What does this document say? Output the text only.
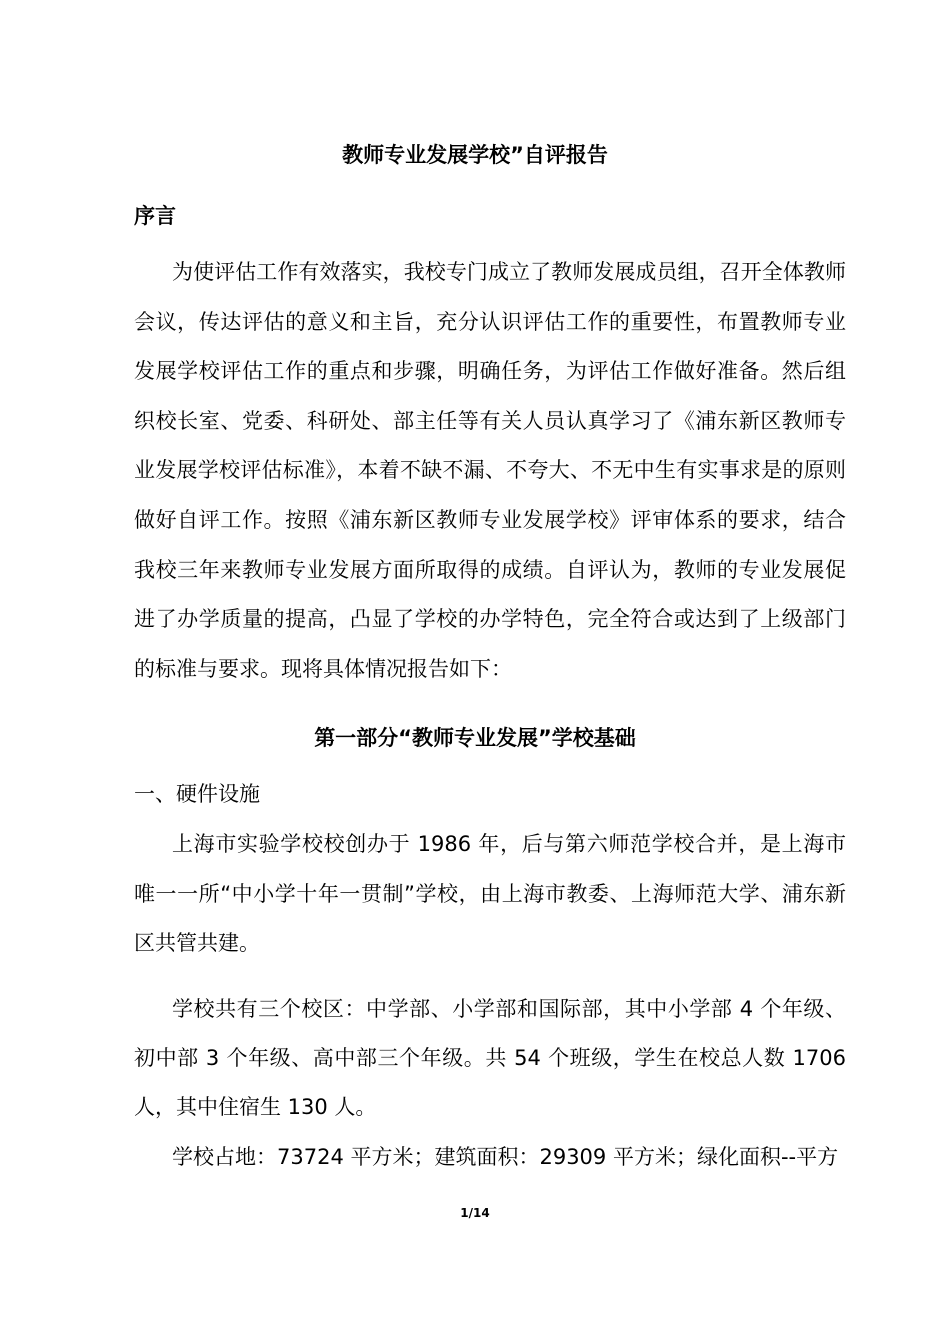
教师专业发展学校”自评报告
序言

为使评估工作有效落实，我校专门成立了教师发展成员组，召开全体教师会议，传达评估的意义和主旨，充分认识评估工作的重要性，布置教师专业发展学校评估工作的重点和步骤，明确任务，为评估工作做好准备。然后组织校长室、党委、科研处、部主任等有关人员认真学习了《浦东新区教师专业发展学校评估标准》，本着不缺不漏、不夸大、不无中生有实事求是的原则做好自评工作。按照《浦东新区教师专业发展学校》评审体系的要求，结合我校三年来教师专业发展方面所取得的成绩。自评认为，教师的专业发展促进了办学质量的提高，凸显了学校的办学特色，完全符合或达到了上级部门的标准与要求。现将具体情况报告如下：

第一部分“教师专业发展”学校基础
一、硬件设施

上海市实验学校校创办于 1986 年，后与第六师范学校合并，是上海市唯一一所“中小学十年一贯制”学校，由上海市教委、上海师范大学、浦东新区共管共建。

学校共有三个校区：中学部、小学部和国际部，其中小学部 4 个年级、初中部 3 个年级、高中部三个年级。共 54 个班级，学生在校总人数 1706 人，其中住宿生 130 人。

学校占地：73724 平方米；建筑面积：29309 平方米；绿化面积--平方

1/14
